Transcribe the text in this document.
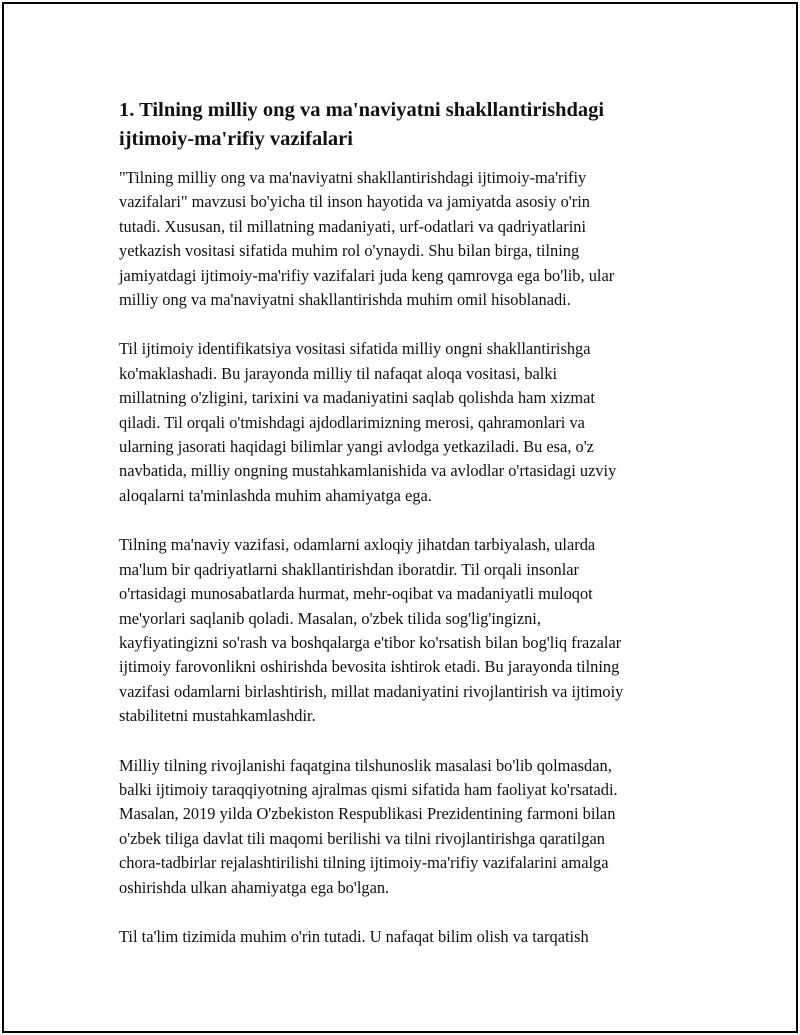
1. Tilning milliy ong va ma'naviyatni shakllantirishdagi
ijtimoiy-ma'rifiy vazifalari

"Tilning milliy ong va ma'naviyatni shakllantirishdagi ijtimoiy-ma'rifiy
vazifalari" mavzusi bo'yicha til inson hayotida va jamiyatda asosiy o'rin
tutadi. Xususan, til millatning madaniyati, urf-odatlari va qadriyatlarini
yetkazish vositasi sifatida muhim rol o'ynaydi. Shu bilan birga, tilning
jamiyatdagi ijtimoiy-ma'rifiy vazifalari juda keng qamrovga ega bo'lib, ular
milliy ong va ma'naviyatni shakllantirishda muhim omil hisoblanadi.

Til ijtimoiy identifikatsiya vositasi sifatida milliy ongni shakllantirishga
ko'maklashadi. Bu jarayonda milliy til nafaqat aloqa vositasi, balki
millatning o'zligini, tarixini va madaniyatini saqlab qolishda ham xizmat
qiladi. Til orqali o'tmishdagi ajdodlarimizning merosi, qahramonlari va
ularning jasorati haqidagi bilimlar yangi avlodga yetkaziladi. Bu esa, o'z
navbatida, milliy ongning mustahkamlanishida va avlodlar o'rtasidagi uzviy
aloqalarni ta'minlashda muhim ahamiyatga ega.

Tilning ma'naviy vazifasi, odamlarni axloqiy jihatdan tarbiyalash, ularda
ma'lum bir qadriyatlarni shakllantirishdan iboratdir. Til orqali insonlar
o'rtasidagi munosabatlarda hurmat, mehr-oqibat va madaniyatli muloqot
me'yorlari saqlanib qoladi. Masalan, o'zbek tilida sog'lig'ingizni,
kayfiyatingizni so'rash va boshqalarga e'tibor ko'rsatish bilan bog'liq frazalar
ijtimoiy farovonlikni oshirishda bevosita ishtirok etadi. Bu jarayonda tilning
vazifasi odamlarni birlashtirish, millat madaniyatini rivojlantirish va ijtimoiy
stabilitetni mustahkamlashdir.

Milliy tilning rivojlanishi faqatgina tilshunoslik masalasi bo'lib qolmasdan,
balki ijtimoiy taraqqiyotning ajralmas qismi sifatida ham faoliyat ko'rsatadi.
Masalan, 2019 yilda O'zbekiston Respublikasi Prezidentining farmoni bilan
o'zbek tiliga davlat tili maqomi berilishi va tilni rivojlantirishga qaratilgan
chora-tadbirlar rejalashtirilishi tilning ijtimoiy-ma'rifiy vazifalarini amalga
oshirishda ulkan ahamiyatga ega bo'lgan.

Til ta'lim tizimida muhim o'rin tutadi. U nafaqat bilim olish va tarqatish
